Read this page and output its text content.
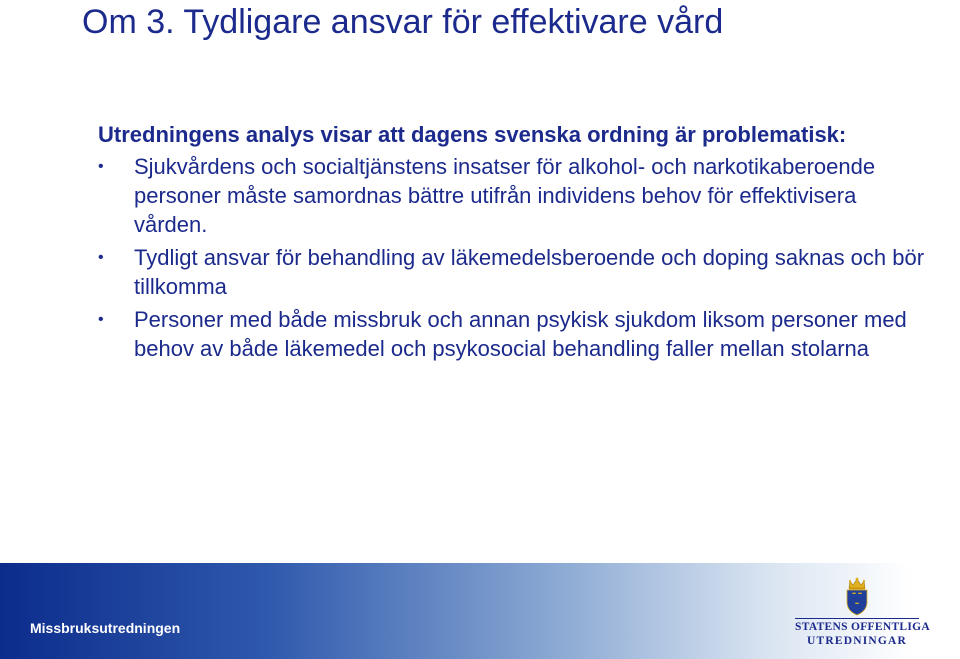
Om 3. Tydligare ansvar för effektivare vård

Utredningens analys visar att dagens svenska ordning är problematisk:

• Sjukvårdens och socialtjänstens insatser för alkohol- och narkotikaberoende personer måste samordnas bättre utifrån individens behov för effektivisera vården.
• Tydligt ansvar för behandling av läkemedelsberoende och doping saknas och bör tillkomma
• Personer med både missbruk och annan psykisk sjukdom liksom personer med behov av både läkemedel och psykosocial behandling faller mellan stolarna
Missbruksutredningen	STATENS OFFENTLIGA
UTREDNINGAR
